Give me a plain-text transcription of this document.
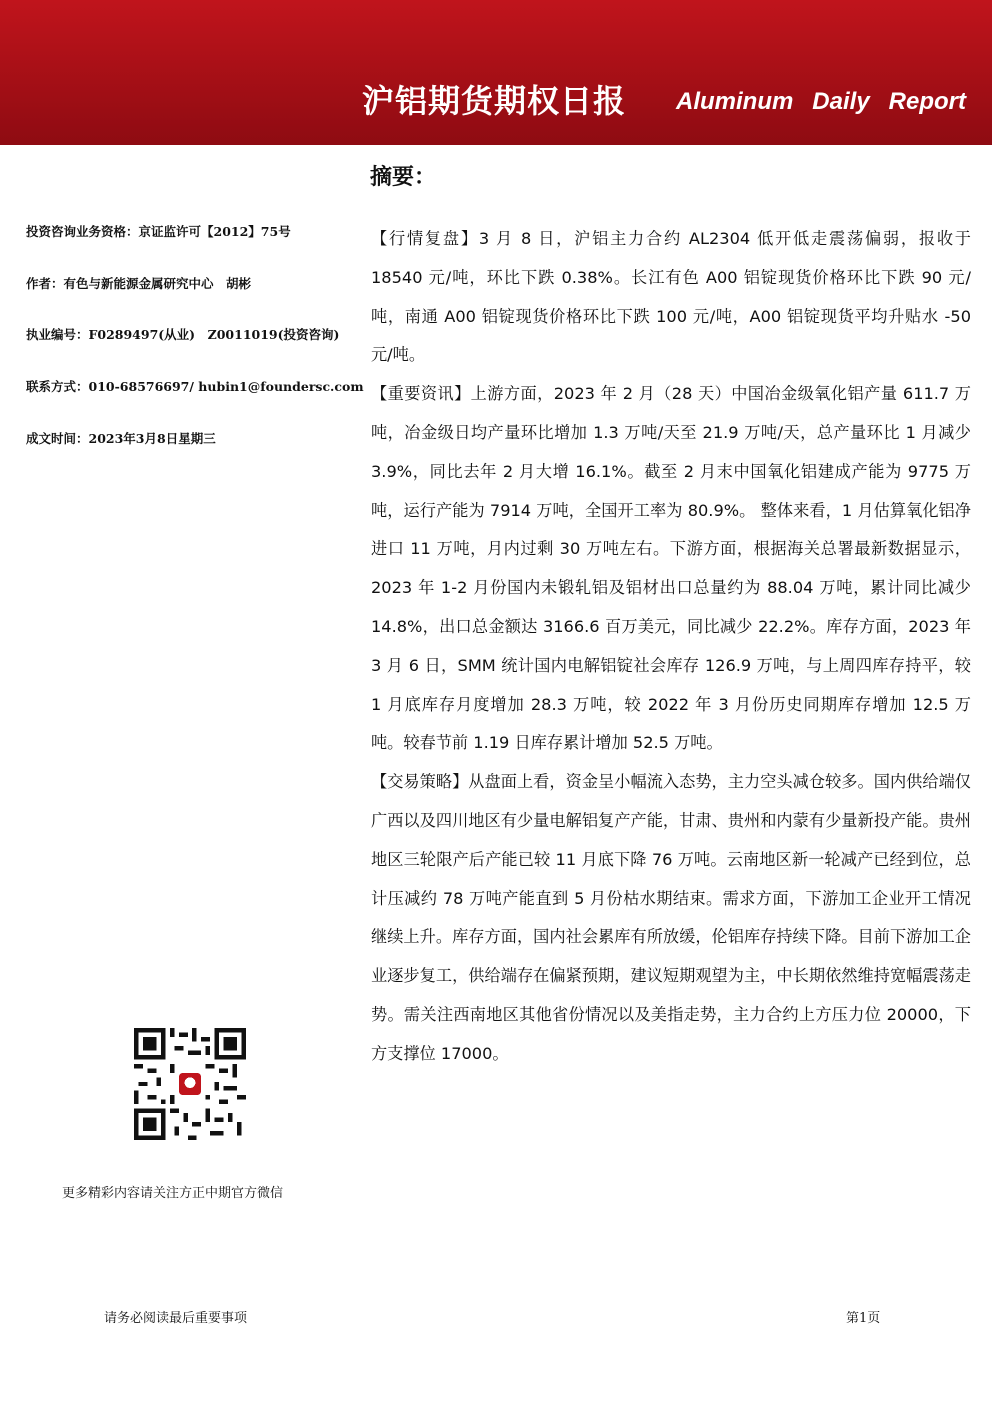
沪铝期货期权日报 Aluminum Daily Report
摘要：
投资咨询业务资格：京证监许可【2012】75号
作者：有色与新能源金属研究中心　胡彬
执业编号：F0289497(从业)　Z0011019(投资咨询)
联系方式：010-68576697/ hubin1@foundersc.com
成文时间：2023年3月8日星期三

【行情复盘】3 月 8 日，沪铝主力合约 AL2304 低开低走震荡偏弱，报收于 18540 元/吨，环比下跌 0.38%。长江有色 A00 铝锭现货价格环比下跌 90 元/吨，南通 A00 铝锭现货价格环比下跌 100 元/吨，A00 铝锭现货平均升贴水 -50 元/吨。

【重要资讯】上游方面，2023 年 2 月（28 天）中国冶金级氧化铝产量 611.7 万吨，冶金级日均产量环比增加 1.3 万吨/天至 21.9 万吨/天，总产量环比 1 月减少 3.9%，同比去年 2 月大增 16.1%。截至 2 月末中国氧化铝建成产能为 9775 万吨，运行产能为 7914 万吨，全国开工率为 80.9%。 整体来看，1 月估算氧化铝净进口 11 万吨，月内过剩 30 万吨左右。下游方面，根据海关总署最新数据显示，2023 年 1-2 月份国内未锻轧铝及铝材出口总量约为 88.04 万吨，累计同比减少 14.8%，出口总金额达 3166.6 百万美元，同比减少 22.2%。库存方面，2023 年 3 月 6 日，SMM 统计国内电解铝锭社会库存 126.9 万吨，与上周四库存持平，较 1 月底库存月度增加 28.3 万吨，较 2022 年 3 月份历史同期库存增加 12.5 万吨。较春节前 1.19 日库存累计增加 52.5 万吨。

【交易策略】从盘面上看，资金呈小幅流入态势，主力空头减仓较多。国内供给端仅广西以及四川地区有少量电解铝复产产能，甘肃、贵州和内蒙有少量新投产能。贵州地区三轮限产后产能已较 11 月底下降 76 万吨。云南地区新一轮减产已经到位，总计压减约 78 万吨产能直到 5 月份枯水期结束。需求方面，下游加工企业开工情况继续上升。库存方面，国内社会累库有所放缓，伦铝库存持续下降。目前下游加工企业逐步复工，供给端存在偏紧预期，建议短期观望为主，中长期依然维持宽幅震荡走势。需关注西南地区其他省份情况以及美指走势，主力合约上方压力位 20000，下方支撑位 17000。

更多精彩内容请关注方正中期官方微信
请务必阅读最后重要事项	第1页
